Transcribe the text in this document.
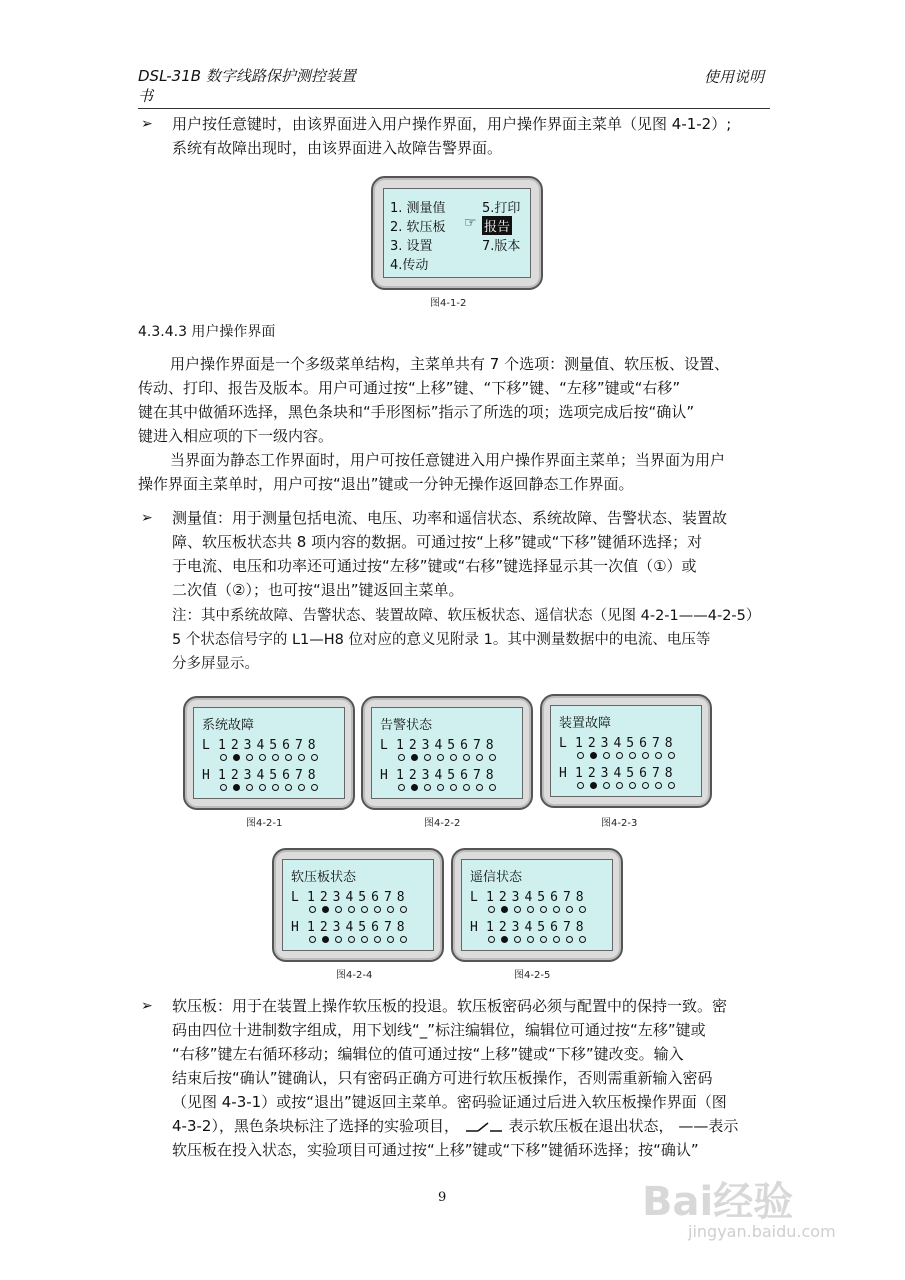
DSL-31B 数字线路保护测控装置
书
使用说明
➢ 用户按任意键时，由该界面进入用户操作界面，用户操作界面主菜单（见图 4-1-2）;
系统有故障出现时，由该界面进入故障告警界面。
1. 测量值
2. 软压板
3. 设置
4.传动
5.打印
☞ 报告
7.版本
图4-1-2
4.3.4.3 用户操作界面
用户操作界面是一个多级菜单结构，主菜单共有 7 个选项：测量值、软压板、设置、
传动、打印、报告及版本。用户可通过按“上移”键、“下移”键、“左移”键或“右移”
键在其中做循环选择，黑色条块和“手形图标”指示了所选的项；选项完成后按“确认”
键进入相应项的下一级内容。
当界面为静态工作界面时，用户可按任意键进入用户操作界面主菜单；当界面为用户
操作界面主菜单时，用户可按“退出”键或一分钟无操作返回静态工作界面。
➢ 测量值：用于测量包括电流、电压、功率和遥信状态、系统故障、告警状态、装置故
障、软压板状态共 8 项内容的数据。可通过按“上移”键或“下移”键循环选择；对
于电流、电压和功率还可通过按“左移”键或“右移”键选择显示其一次值（①）或
二次值（②）；也可按“退出”键返回主菜单。
注：其中系统故障、告警状态、装置故障、软压板状态、遥信状态（见图 4-2-1——4-2-5）
5 个状态信号字的 L1—H8 位对应的意义见附录 1。其中测量数据中的电流、电压等
分多屏显示。
系统故障
L 12345678
H 12345678
图4-2-1
告警状态
L 12345678
H 12345678
图4-2-2
装置故障
L 12345678
H 12345678
图4-2-3
软压板状态
L 12345678
H 12345678
图4-2-4
遥信状态
L 12345678
H 12345678
图4-2-5
➢ 软压板：用于在装置上操作软压板的投退。软压板密码必须与配置中的保持一致。密
码由四位十进制数字组成，用下划线“_”标注编辑位，编辑位可通过按“左移”键或
“右移”键左右循环移动；编辑位的值可通过按“上移”键或“下移”键改变。输入
结束后按“确认”键确认，只有密码正确方可进行软压板操作，否则需重新输入密码
（见图 4-3-1）或按“退出”键返回主菜单。密码验证通过后进入软压板操作界面（图
4-3-2），黑色条块标注了选择的实验项目，	表示软压板在退出状态， ——表示
软压板在投入状态，实验项目可通过按“上移”键或“下移”键循环选择；按“确认”
9	Bai经验
jingyan.baidu.com
